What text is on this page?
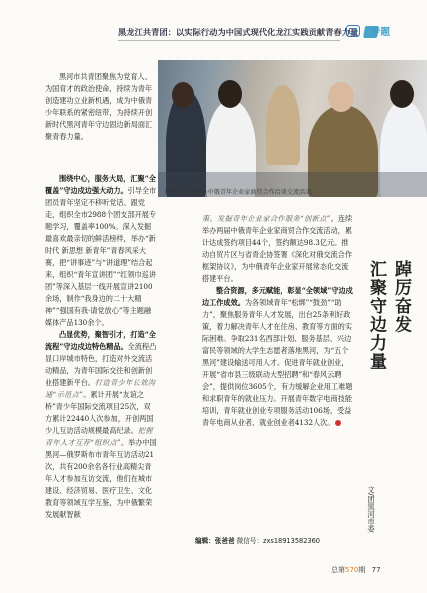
黑龙江共青团：以实际行动为中国式现代化龙江实践贡献青春力量 专题

黑河市共青团聚焦为党育人、为国育才的政治使命，持续为青年创造建功立业新机遇，成为中俄青少年联系的紧密纽带，为持续开创新时代黑河青年守边固边新局面汇聚青春力量。

团黑河市委举办中俄青年企业家商贸合作洽谈交流活动。

围绕中心，服务大局，汇聚“全覆盖”守边戍边强大动力。引导全市团员青年坚定不移听党话、跟党走，组织全市2988个团支部开展专题学习，覆盖率100%。深入发掘最喜欢最亲切的鲜活榜样，举办“新时代 新思想 新青年”青春风采大赛，把“讲事迹”与“讲道理”结合起来，组织“青年宣讲团”“红领巾巡讲团”等深入基层一线开展宣讲2100余场，制作“我身边的二十大精神”“强国有我·请党放心”等主题融媒体产品130余个。

凸显优势，聚智引才，打造“全流程”守边戍边特色精品。全流程凸显口岸城市特色，打造对外交流活动精品，为青年国际交往和创新创业搭建新平台。打造青少年长效沟通“示范点”。累计开展“友谊之桥”青少年国际交流项目25次，双方累计22440人次参加，开创两国少儿互访活动规模最高纪录。把握青年人才互荐“组织点”。举办中国黑河—俄罗斯布市青年互访活动21次，共有200余名各行业高精尖青年人才参加互访交流，他们在城市建设、经济贸易、医疗卫生、文化教育等领域互学互鉴，为中俄繁荣发展献智献

策。发掘青年企业家合作服务“创新点”。连续举办两届中俄青年企业家商贸合作交流活动，累计达成签约项目44个，签约额达98.3亿元。推动自贸片区与省青企协签署《深化对俄交流合作框架协议》，为中俄青年企业家开展常态化交流搭建平台。

整合资源，多元赋能，彰显“全领域”守边戍边工作成效。为各领域青年“松绑”“鼓劲”“助力”，聚焦服务青年人才发展，出台25条利好政策，着力解决青年人才在住房、教育等方面的实际困难。争取231名西部计划、服务基层、兴边富民等领域的大学生志愿者落地黑河，为“五个黑河”建设输送可用人才。促进青年就业创业，开展“省市县三级联动大型招聘”和“春风云聘会”，提供岗位3605个，有力缓解企业用工难题和求职青年的就业压力。开展青年数字电商技能培训，青年就业创业专项服务活动106场，受益青年电商从业者、就业创业者4132人次。

踔厉奋发
汇聚守边力量
文/团黑河市委
编辑：张爸爸 微信号：zxs18913582360
总第570期 77
